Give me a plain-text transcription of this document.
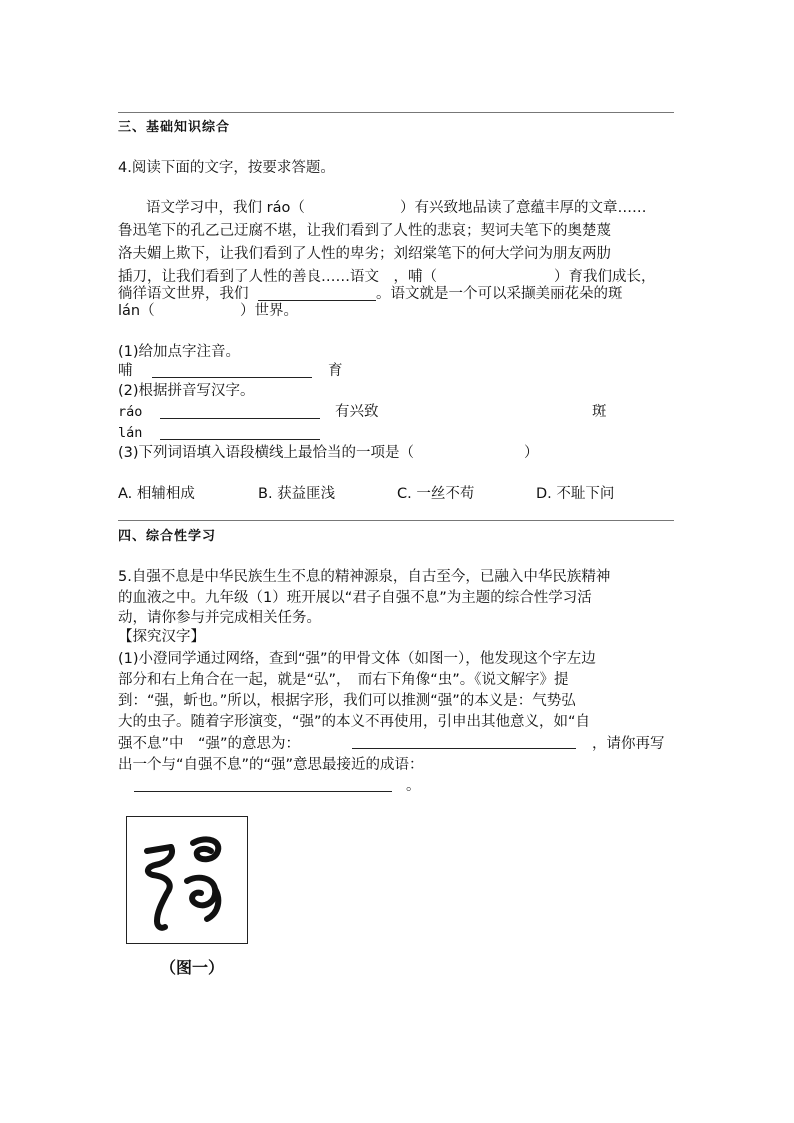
三、基础知识综合
4.阅读下面的文字，按要求答题。
语文学习中，我们 ráo（	）有兴致地品读了意蕴丰厚的文章……
鲁迅笔下的孔乙己迂腐不堪，让我们看到了人性的悲哀；契诃夫笔下的奥楚蔑
洛夫媚上欺下，让我们看到了人性的卑劣；刘绍棠笔下的何大学问为朋友两肋
插刀，让我们看到了人性的善良……语文　，哺（	）育我们成长，
徜徉语文世界，我们	。语文就是一个可以采撷美丽花朵的斑
lán（	）世界。
(1)给加点字注音。
哺	育
(2)根据拼音写汉字。
ráo	有兴致	斑
lán
(3)下列词语填入语段横线上最恰当的一项是（	）
A. 相辅相成	B. 获益匪浅	C. 一丝不苟	D. 不耻下问
四、综合性学习
5.自强不息是中华民族生生不息的精神源泉，自古至今，已融入中华民族精神
的血液之中。九年级（1）班开展以“君子自强不息”为主题的综合性学习活
动，请你参与并完成相关任务。
【探究汉字】
(1)小澄同学通过网络，查到“强”的甲骨文体（如图一），他发现这个字左边
部分和右上角合在一起，就是“弘”，　而右下角像“虫”。《说文解字》提
到：“强，蚚也。”所以，根据字形，我们可以推测“强”的本义是：气势弘
大的虫子。随着字形演变，“强”的本义不再使用，引申出其他意义，如“自
强不息”中　“强”的意思为：	，请你再写
出一个与“自强不息”的“强”意思最接近的成语：
。
（图一）
